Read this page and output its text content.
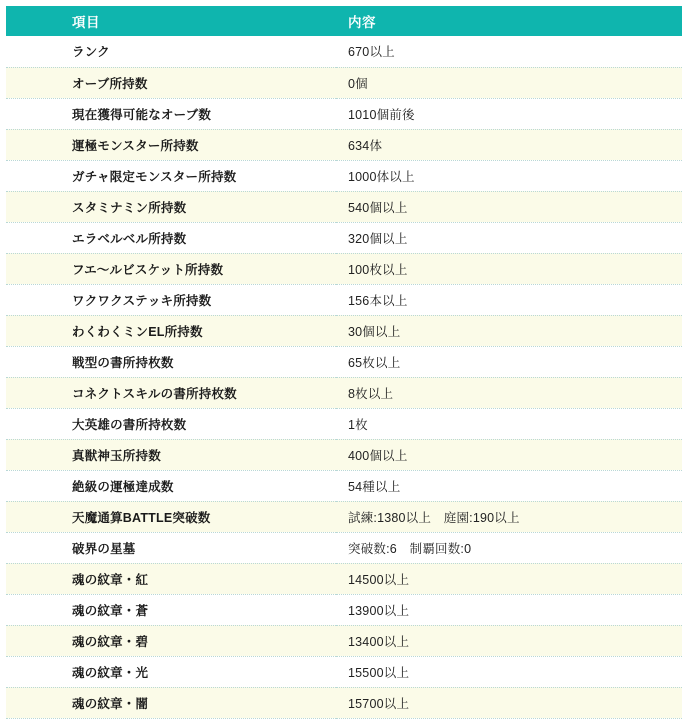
項目	内容
ランク	670以上
オーブ所持数	0個
現在獲得可能なオーブ数	1010個前後
運極モンスター所持数	634体
ガチャ限定モンスター所持数	1000体以上
スタミナミン所持数	540個以上
エラベルベル所持数	320個以上
フエ〜ルビスケット所持数	100枚以上
ワクワクステッキ所持数	156本以上
わくわくミンEL所持数	30個以上
戦型の書所持枚数	65枚以上
コネクトスキルの書所持枚数	8枚以上
大英雄の書所持枚数	1枚
真獣神玉所持数	400個以上
絶級の運極達成数	54種以上
天魔通算BATTLE突破数	試練:1380以上　庭園:190以上
破界の星墓	突破数:6　制覇回数:0
魂の紋章・紅	14500以上
魂の紋章・蒼	13900以上
魂の紋章・碧	13400以上
魂の紋章・光	15500以上
魂の紋章・闇	15700以上
